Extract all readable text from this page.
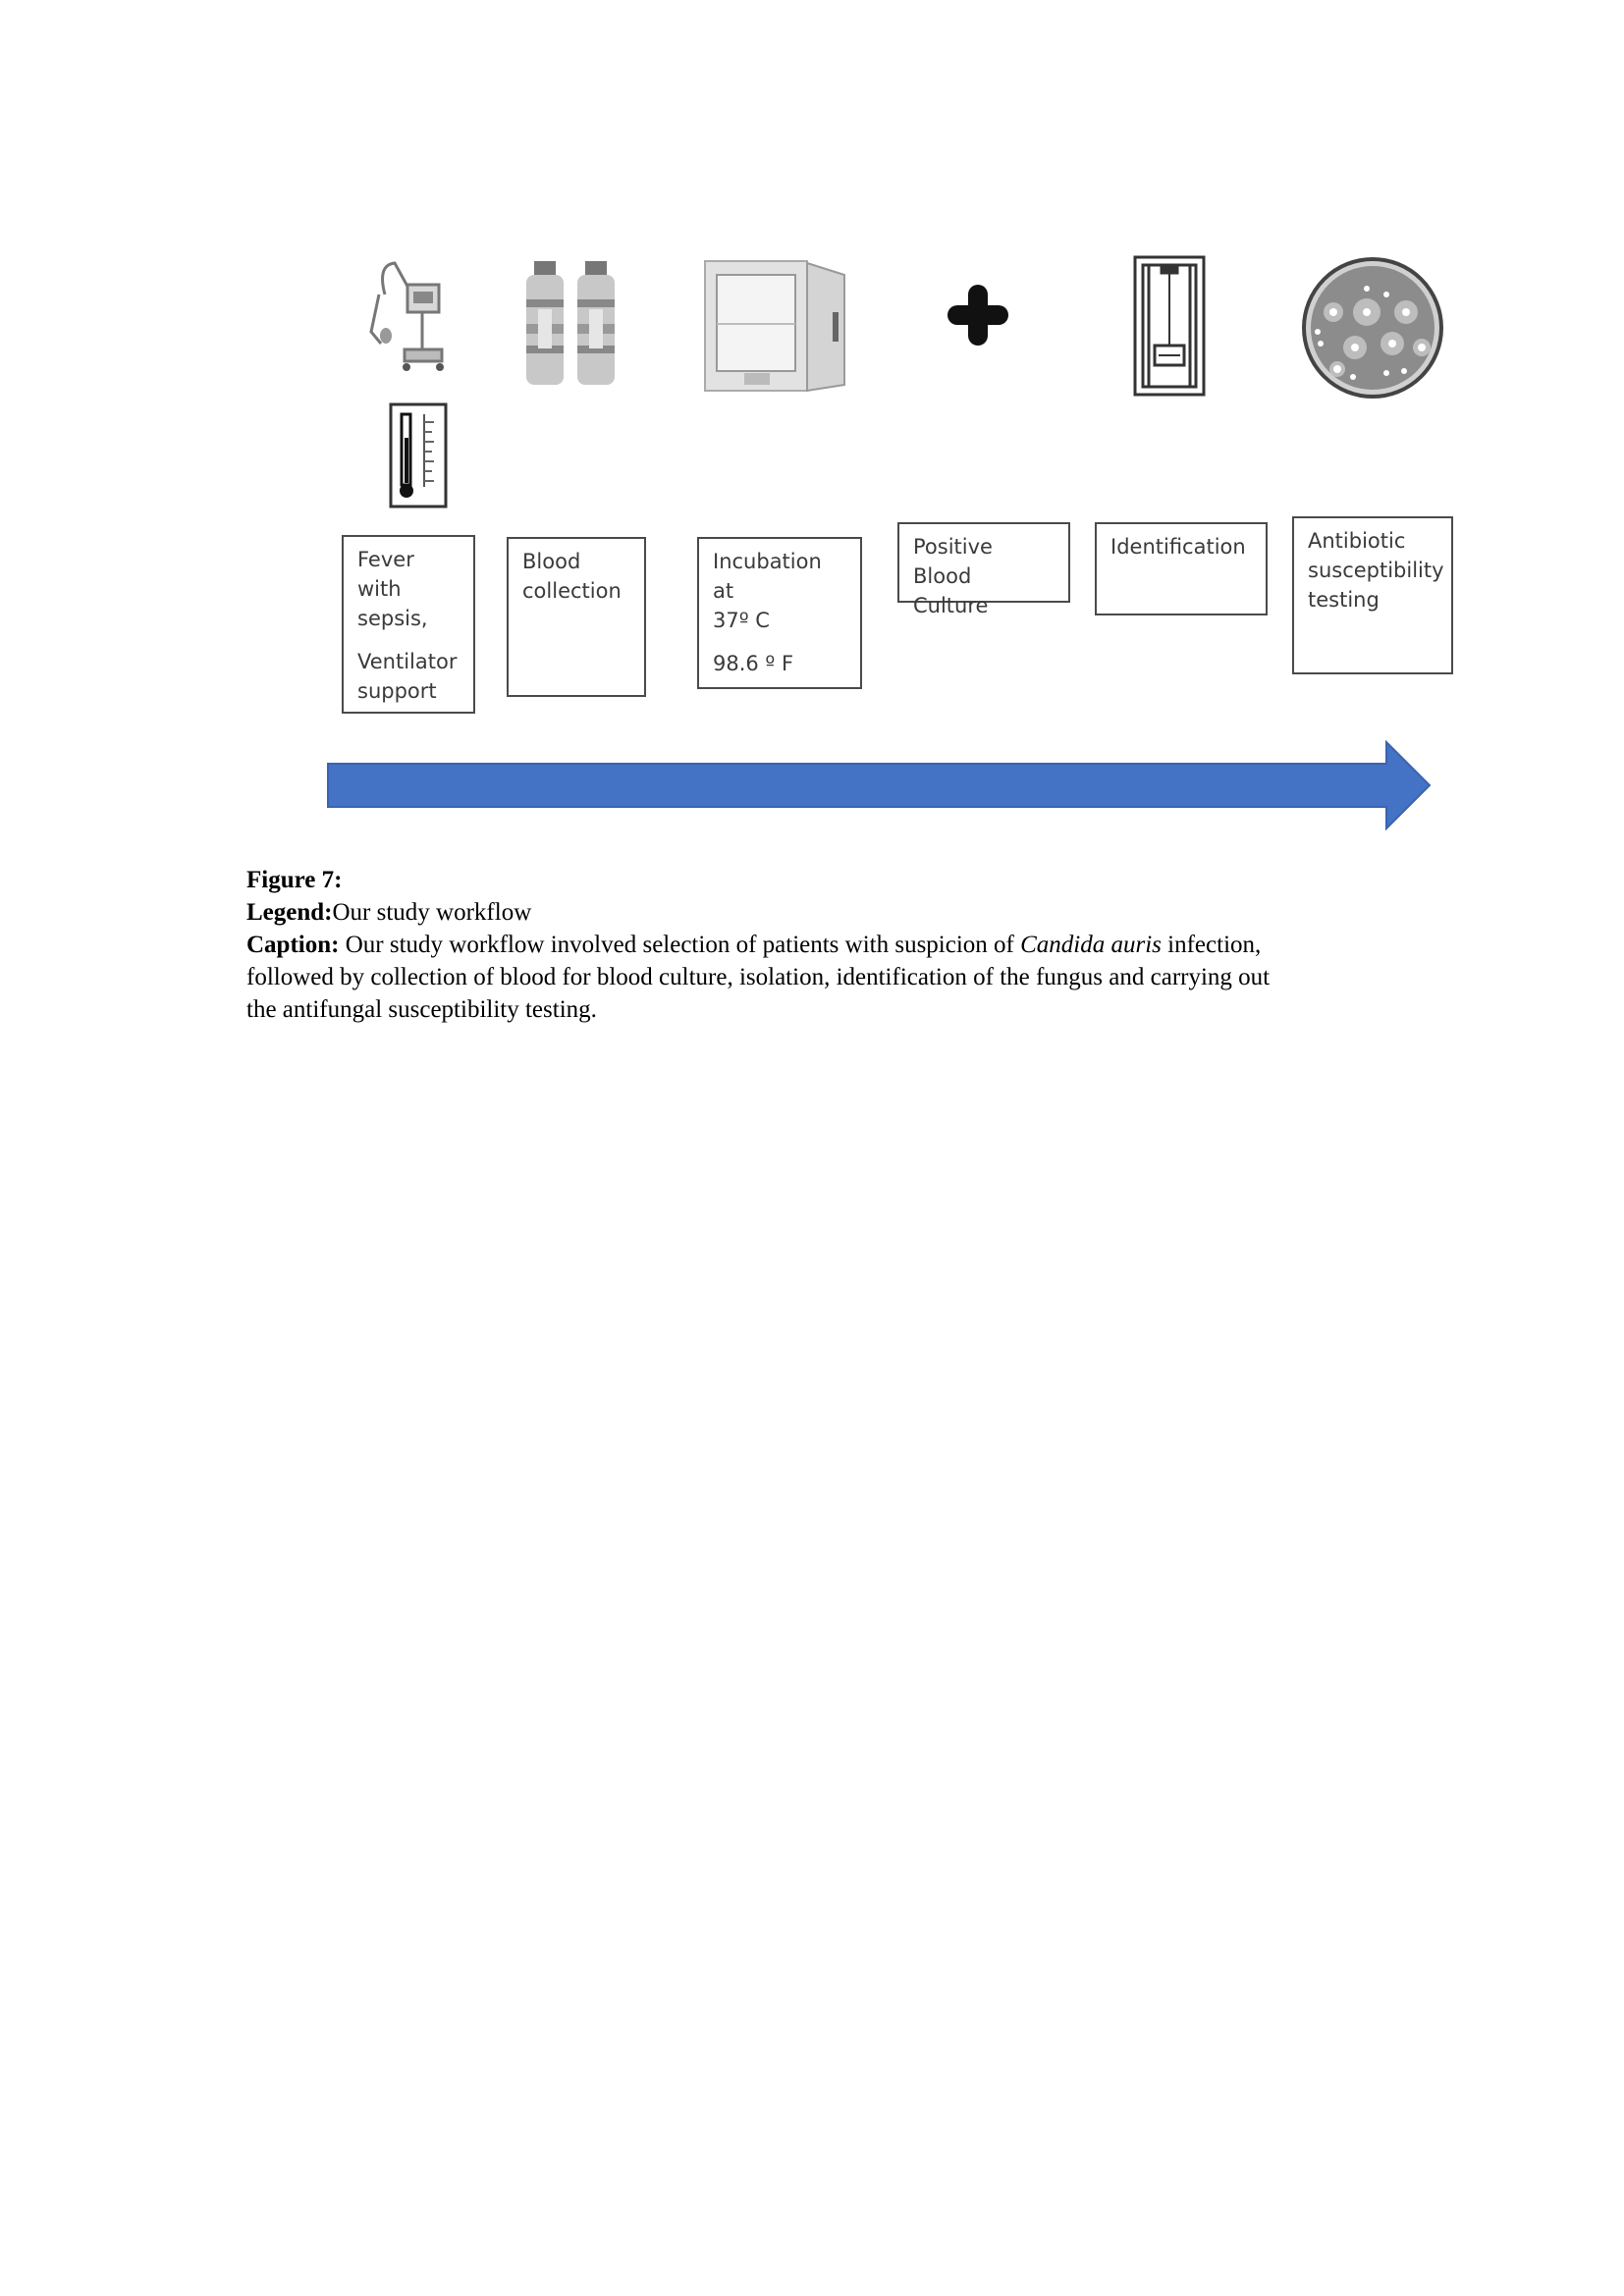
Fever
with
sepsis,
Ventilator
support
Blood
collection
Incubation at
37º C
98.6 º F
Positive Blood
Culture
Identification	Antibiotic
susceptibility
testing
Figure 7:
Legend:Our study workflow
Caption: Our study workflow involved selection of patients with suspicion of Candida auris infection,
followed by collection of blood for blood culture, isolation, identification of the fungus and carrying out
the antifungal susceptibility testing.
